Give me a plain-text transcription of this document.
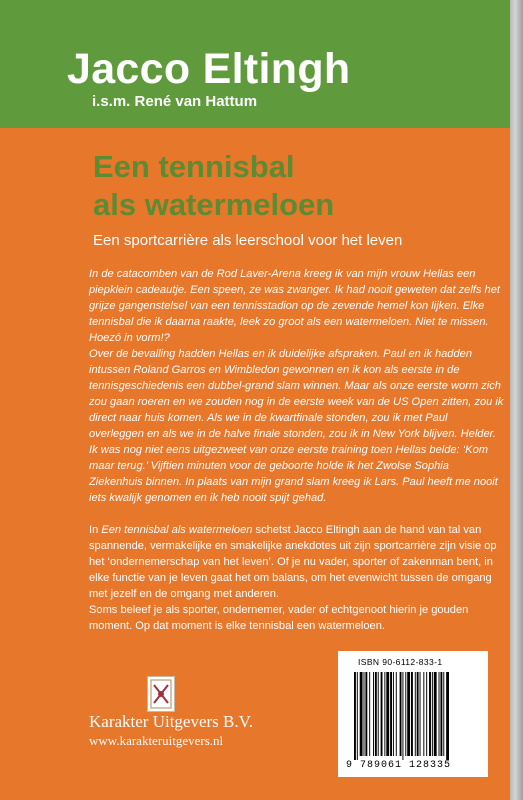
Jacco Eltingh
i.s.m. René van Hattum
Een tennisbal
als watermeloen
Een sportcarrière als leerschool voor het leven

In de catacomben van de Rod Laver-Arena kreeg ik van mijn vrouw Hellas een piepklein cadeautje. Een speen, ze was zwanger. Ik had nooit geweten dat zelfs het grijze gangenstelsel van een tennisstadion op de zevende hemel kon lijken. Elke tennisbal die ik daarna raakte, leek zo groot als een watermeloen. Niet te missen. Hoezó in vorm!?

Over de bevalling hadden Hellas en ik duidelijke afspraken. Paul en ik hadden intussen Roland Garros en Wimbledon gewonnen en ik kon als eerste in de tennisgeschiedenis een dubbel-grand slam winnen. Maar als onze eerste worm zich zou gaan roeren en we zouden nog in de eerste week van de US Open zitten, zou ik direct naar huis komen. Als we in de kwartfinale stonden, zou ik met Paul overleggen en als we in de halve finale stonden, zou ik in New York blijven. Helder. Ik was nog niet eens uitgezweet van onze eerste training toen Hellas belde: ‘Kom maar terug.’ Vijftien minuten voor de geboorte holde ik het Zwolse Sophia Ziekenhuis binnen. In plaats van mijn grand slam kreeg ik Lars. Paul heeft me nooit iets kwalijk genomen en ik heb nooit spijt gehad.

In Een tennisbal als watermeloen schetst Jacco Eltingh aan de hand van tal van spannende, vermakelijke en smakelijke anekdotes uit zijn sportcarrière zijn visie op het ‘ondernemerschap van het leven’. Of je nu vader, sporter of zakenman bent, in elke functie van je leven gaat het om balans, om het evenwicht tussen de omgang met jezelf en de omgang met anderen.

Soms beleef je als sporter, ondernemer, vader of echtgenoot hierin je gouden moment. Op dat moment is elke tennisbal een watermeloen.

Karakter Uitgevers B.V.
www.karakteruitgevers.nl
ISBN 90-6112-833-1
9 789061 128335
